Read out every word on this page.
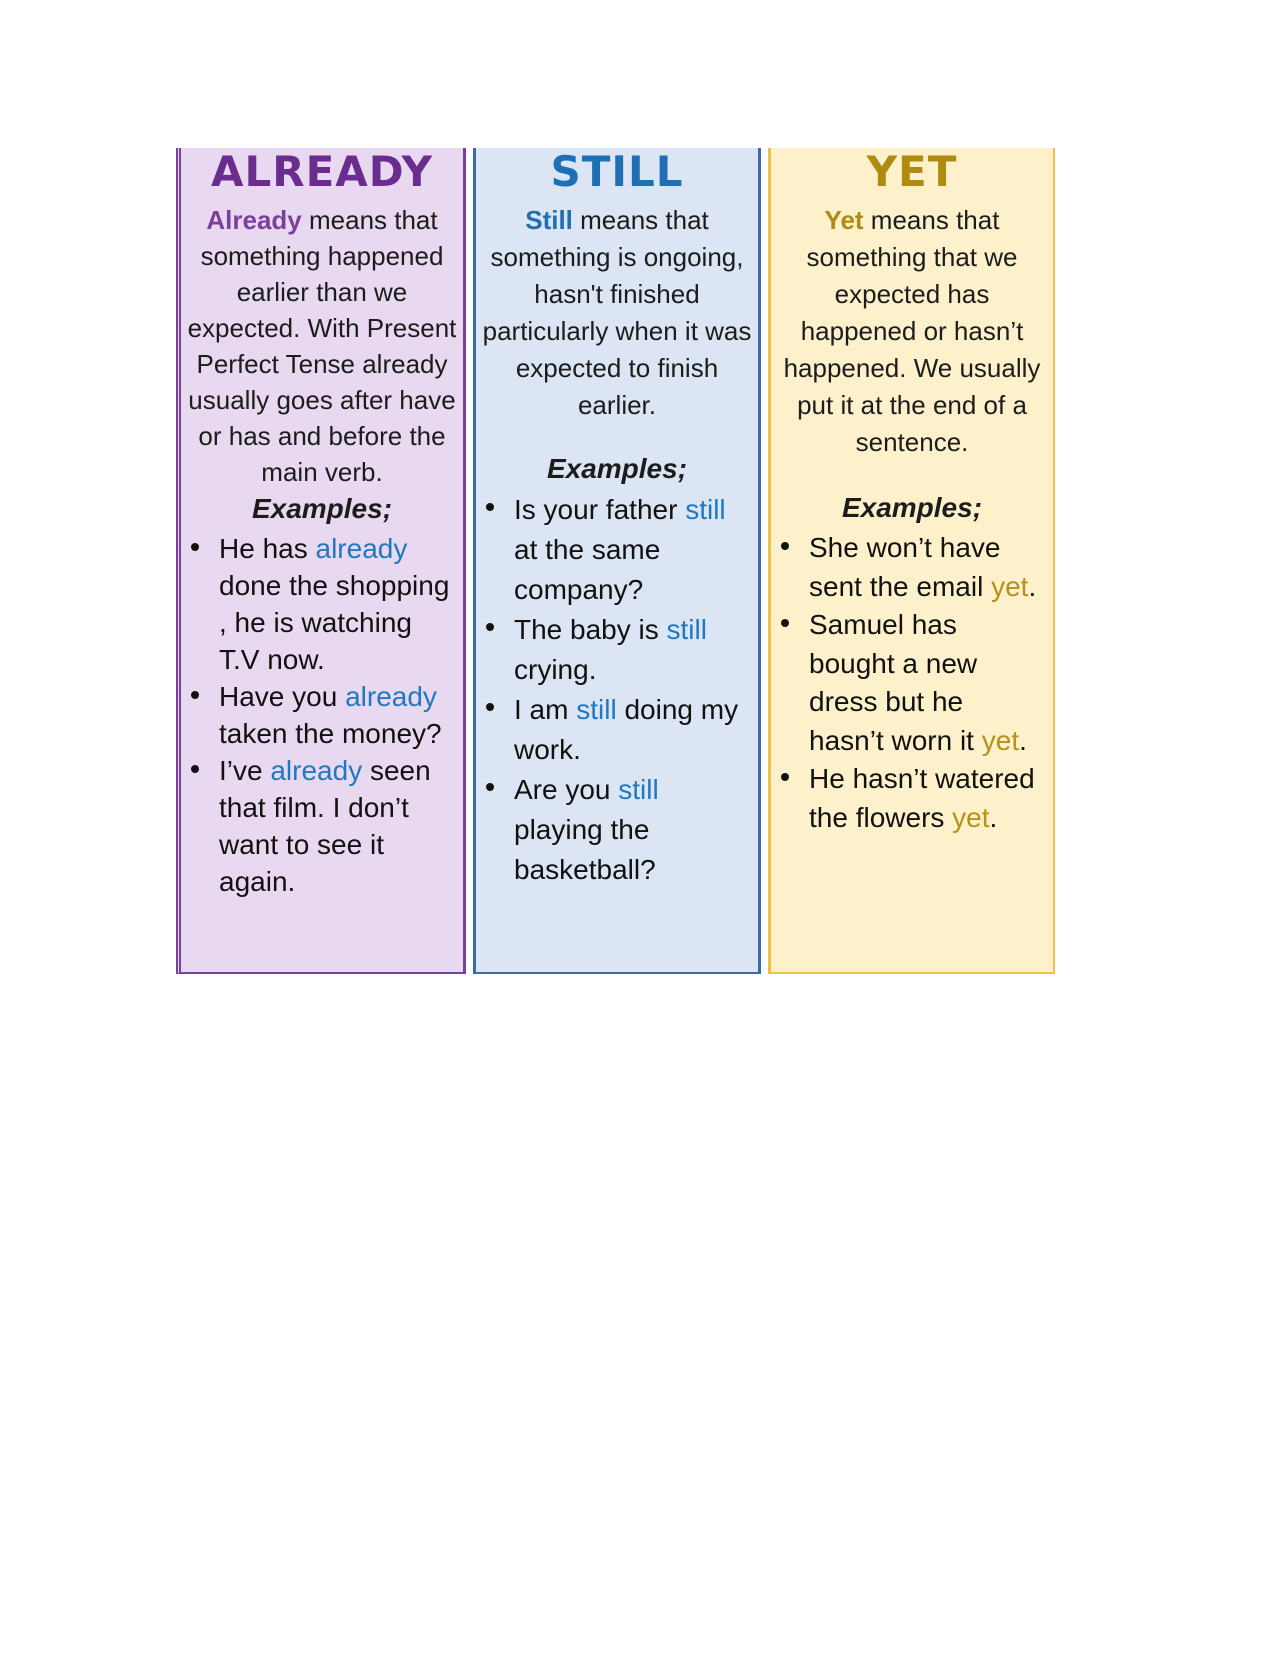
ALREADY

Already means that something happened earlier than we expected. With Present Perfect Tense already usually goes after have or has and before the main verb.

Examples;

He has already done the shopping , he is watching T.V now.
Have you already taken the money?
I’ve already seen that film. I don’t want to see it again.
STILL

Still means that something is ongoing, hasn't finished particularly when it was expected to finish earlier.

Examples;

Is your father still at the same company?
The baby is still crying.
I am still doing my work.
Are you still playing the basketball?
YET

Yet means that something that we expected has happened or hasn’t happened. We usually put it at the end of a sentence.

Examples;

She won’t have sent the email yet.
Samuel has bought a new dress but he hasn’t worn it yet.
He hasn’t watered the flowers yet.
